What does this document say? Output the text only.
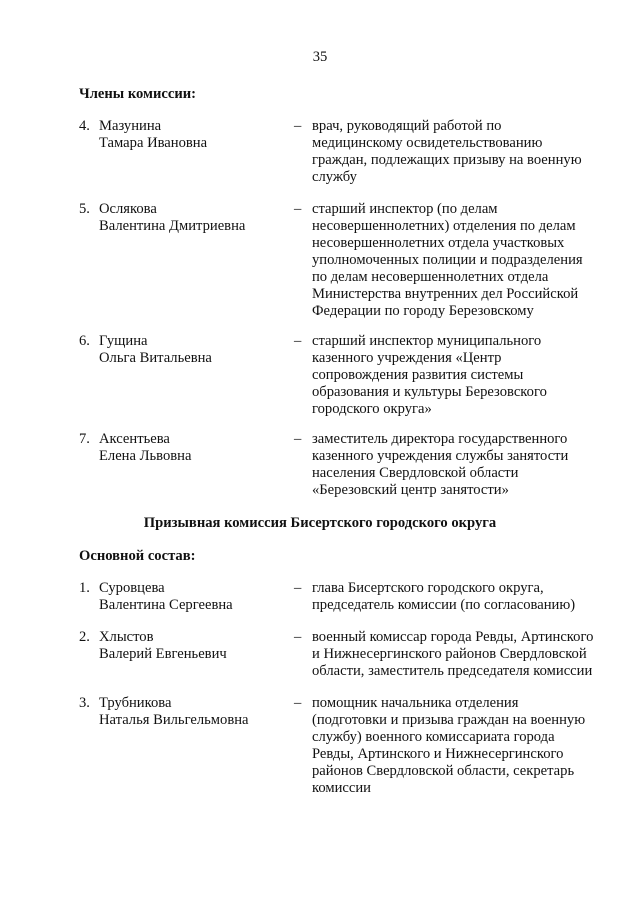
35
Члены комиссии:
4. Мазунина
Тамара Ивановна
– врач, руководящий работой по
медицинскому освидетельствованию
граждан, подлежащих призыву на военную
службу
5. Ослякова
Валентина Дмитриевна
– старший инспектор (по делам
несовершеннолетних) отделения по делам
несовершеннолетних отдела участковых
уполномоченных полиции и подразделения
по делам несовершеннолетних отдела
Министерства внутренних дел Российской
Федерации по городу Березовскому
6. Гущина
Ольга Витальевна
– старший инспектор муниципального
казенного учреждения «Центр
сопровождения развития системы
образования и культуры Березовского
городского округа»
7. Аксентьева
Елена Львовна
– заместитель директора государственного
казенного учреждения службы занятости
населения Свердловской области
«Березовский центр занятости»
Призывная комиссия Бисертского городского округа
Основной состав:
1. Суровцева
Валентина Сергеевна
– глава Бисертского городского округа,
председатель комиссии (по согласованию)
2. Хлыстов
Валерий Евгеньевич
– военный комиссар города Ревды, Артинского
и Нижнесергинского районов Свердловской
области, заместитель председателя комиссии
3. Трубникова
Наталья Вильгельмовна
– помощник начальника отделения
(подготовки и призыва граждан на военную
службу) военного комиссариата города
Ревды, Артинского и Нижнесергинского
районов Свердловской области, секретарь
комиссии
